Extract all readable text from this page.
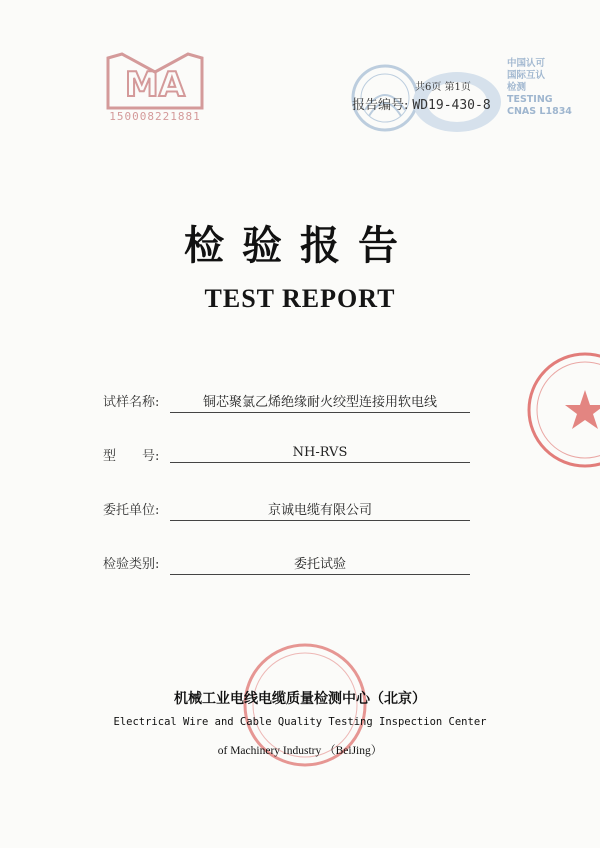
MA
150008221881
中国认可
国际互认
检测
TESTING
CNAS L1834
共6页 第1页
报告编号: WD19-430-8
检验报告
TEST REPORT
试样名称:	铜芯聚氯乙烯绝缘耐火绞型连接用软电线
型　　号:	NH-RVS
委托单位:	京诚电缆有限公司
检验类别:	委托试验
机械工业电线电缆质量检测中心（北京）
Electrical Wire and Cable Quality Testing Inspection Center
of Machinery Industry （BeiJing）
